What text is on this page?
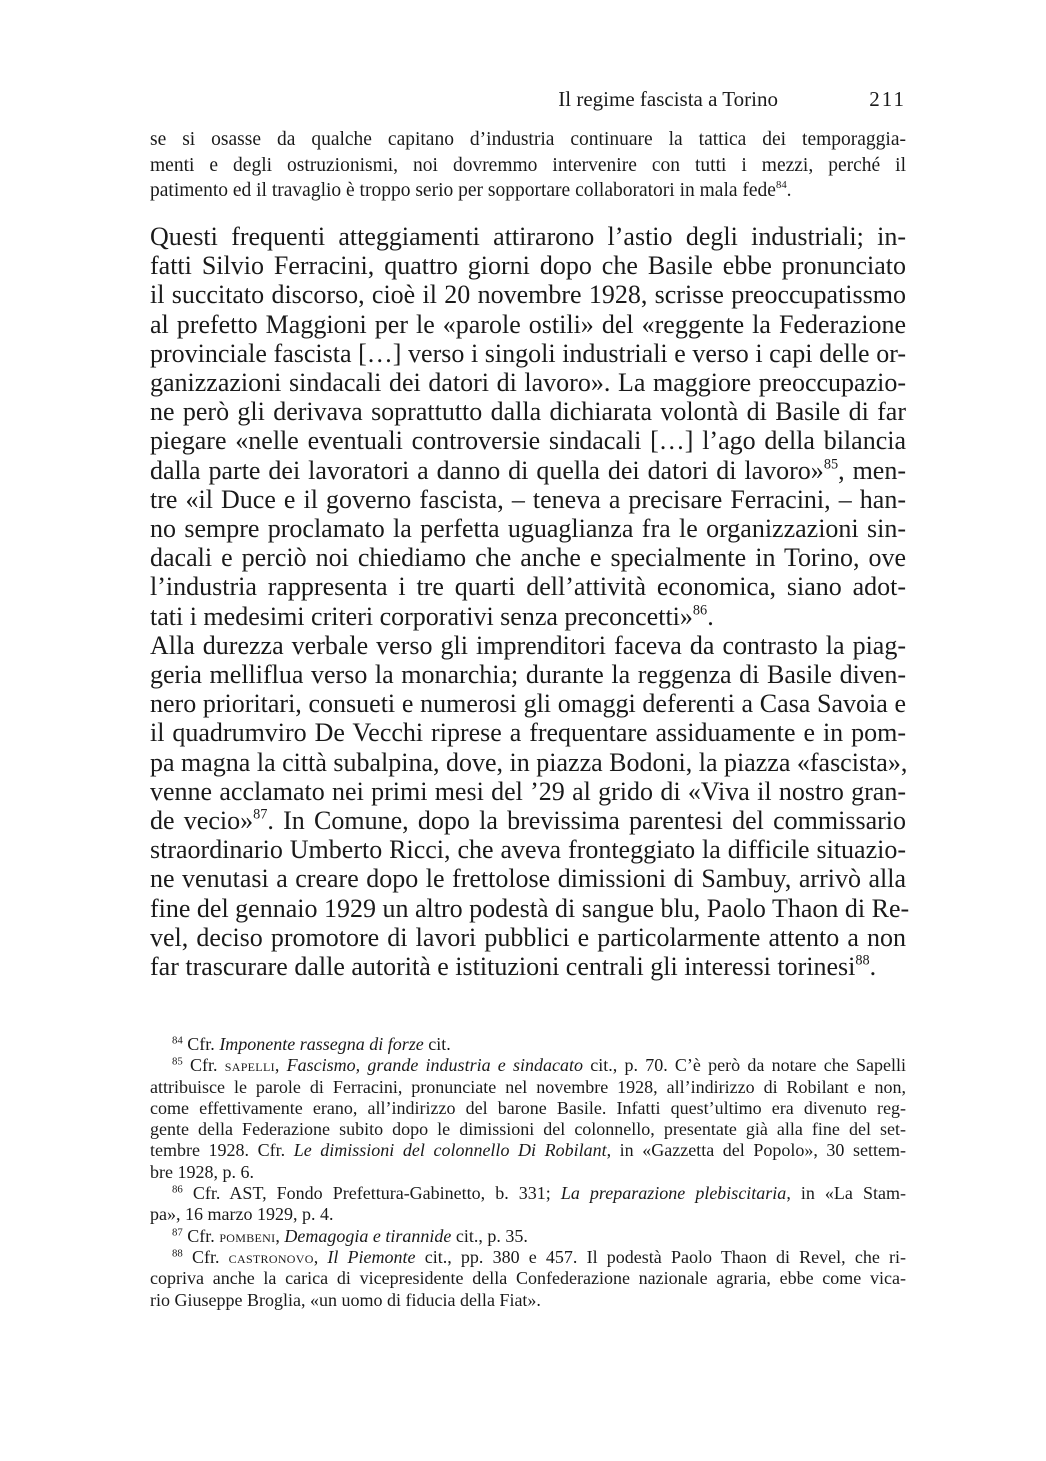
Il regime fascista a Torino	211
se si osasse da qualche capitano d’industria continuare la tattica dei temporaggia-
menti e degli ostruzionismi, noi dovremmo intervenire con tutti i mezzi, perché il
patimento ed il travaglio è troppo serio per sopportare collaboratori in mala fede$^{84}$.
Questi frequenti atteggiamenti attirarono l’astio degli industriali; in-
fatti Silvio Ferracini, quattro giorni dopo che Basile ebbe pronunciato
il succitato discorso, cioè il 20 novembre 1928, scrisse preoccupatissmo
al prefetto Maggioni per le «parole ostili» del «reggente la Federazione
provinciale fascista […] verso i singoli industriali e verso i capi delle or-
ganizzazioni sindacali dei datori di lavoro». La maggiore preoccupazio-
ne però gli derivava soprattutto dalla dichiarata volontà di Basile di far
piegare «nelle eventuali controversie sindacali […] l’ago della bilancia
dalla parte dei lavoratori a danno di quella dei datori di lavoro»$^{85}$, men-
tre «il Duce e il governo fascista, – teneva a precisare Ferracini, – han-
no sempre proclamato la perfetta uguaglianza fra le organizzazioni sin-
dacali e perciò noi chiediamo che anche e specialmente in Torino, ove
l’industria rappresenta i tre quarti dell’attività economica, siano adot-
tati i medesimi criteri corporativi senza preconcetti»$^{86}$.
Alla durezza verbale verso gli imprenditori faceva da contrasto la piag-
geria melliflua verso la monarchia; durante la reggenza di Basile diven-
nero prioritari, consueti e numerosi gli omaggi deferenti a Casa Savoia e
il quadrumviro De Vecchi riprese a frequentare assiduamente e in pom-
pa magna la città subalpina, dove, in piazza Bodoni, la piazza «fascista»,
venne acclamato nei primi mesi del ’29 al grido di «Viva il nostro gran-
de vecio»$^{87}$. In Comune, dopo la brevissima parentesi del commissario
straordinario Umberto Ricci, che aveva fronteggiato la difficile situazio-
ne venutasi a creare dopo le frettolose dimissioni di Sambuy, arrivò alla
fine del gennaio 1929 un altro podestà di sangue blu, Paolo Thaon di Re-
vel, deciso promotore di lavori pubblici e particolarmente attento a non
far trascurare dalle autorità e istituzioni centrali gli interessi torinesi$^{88}$.
$^{84}$ Cfr. Imponente rassegna di forze cit.
$^{85}$ Cfr. sapelli, Fascismo, grande industria e sindacato cit., p. 70. C’è però da notare che Sapelli
attribuisce le parole di Ferracini, pronunciate nel novembre 1928, all’indirizzo di Robilant e non,
come effettivamente erano, all’indirizzo del barone Basile. Infatti quest’ultimo era divenuto reg-
gente della Federazione subito dopo le dimissioni del colonnello, presentate già alla fine del set-
tembre 1928. Cfr. Le dimissioni del colonnello Di Robilant, in «Gazzetta del Popolo», 30 settem-
bre 1928, p. 6.
$^{86}$ Cfr. AST, Fondo Prefettura-Gabinetto, b. 331; La preparazione plebiscitaria, in «La Stam-
pa», 16 marzo 1929, p. 4.
$^{87}$ Cfr. pombeni, Demagogia e tirannide cit., p. 35.
$^{88}$ Cfr. castronovo, Il Piemonte cit., pp. 380 e 457. Il podestà Paolo Thaon di Revel, che ri-
copriva anche la carica di vicepresidente della Confederazione nazionale agraria, ebbe come vica-
rio Giuseppe Broglia, «un uomo di fiducia della Fiat».
